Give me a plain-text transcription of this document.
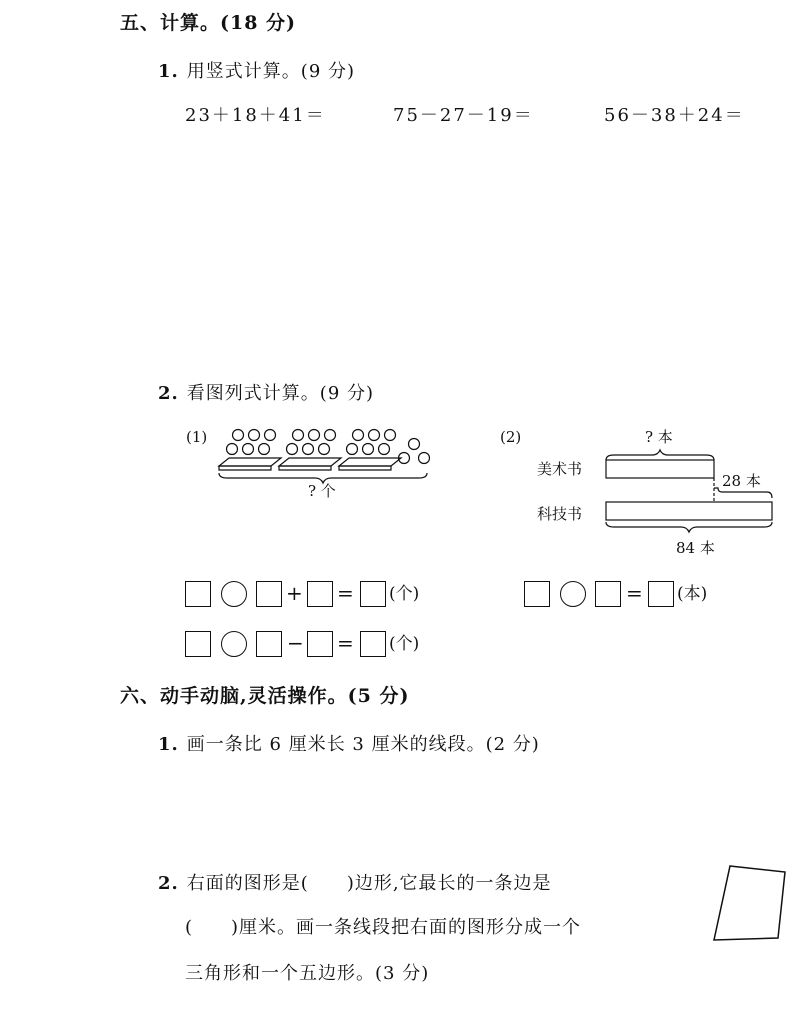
五、计算。(18 分)
1. 用竖式计算。(9 分)
23＋18＋41＝	75－27－19＝	56－38＋24＝
2. 看图列式计算。(9 分)
(1)
? 个
(2)	? 本
美术书
科技书
28 本
84 本
+ = (个)	= (本)
− = (个)
六、动手动脑,灵活操作。(5 分)
1. 画一条比 6 厘米长 3 厘米的线段。(2 分)
2. 右面的图形是(　　)边形,它最长的一条边是
(　　)厘米。画一条线段把右面的图形分成一个
三角形和一个五边形。(3 分)
